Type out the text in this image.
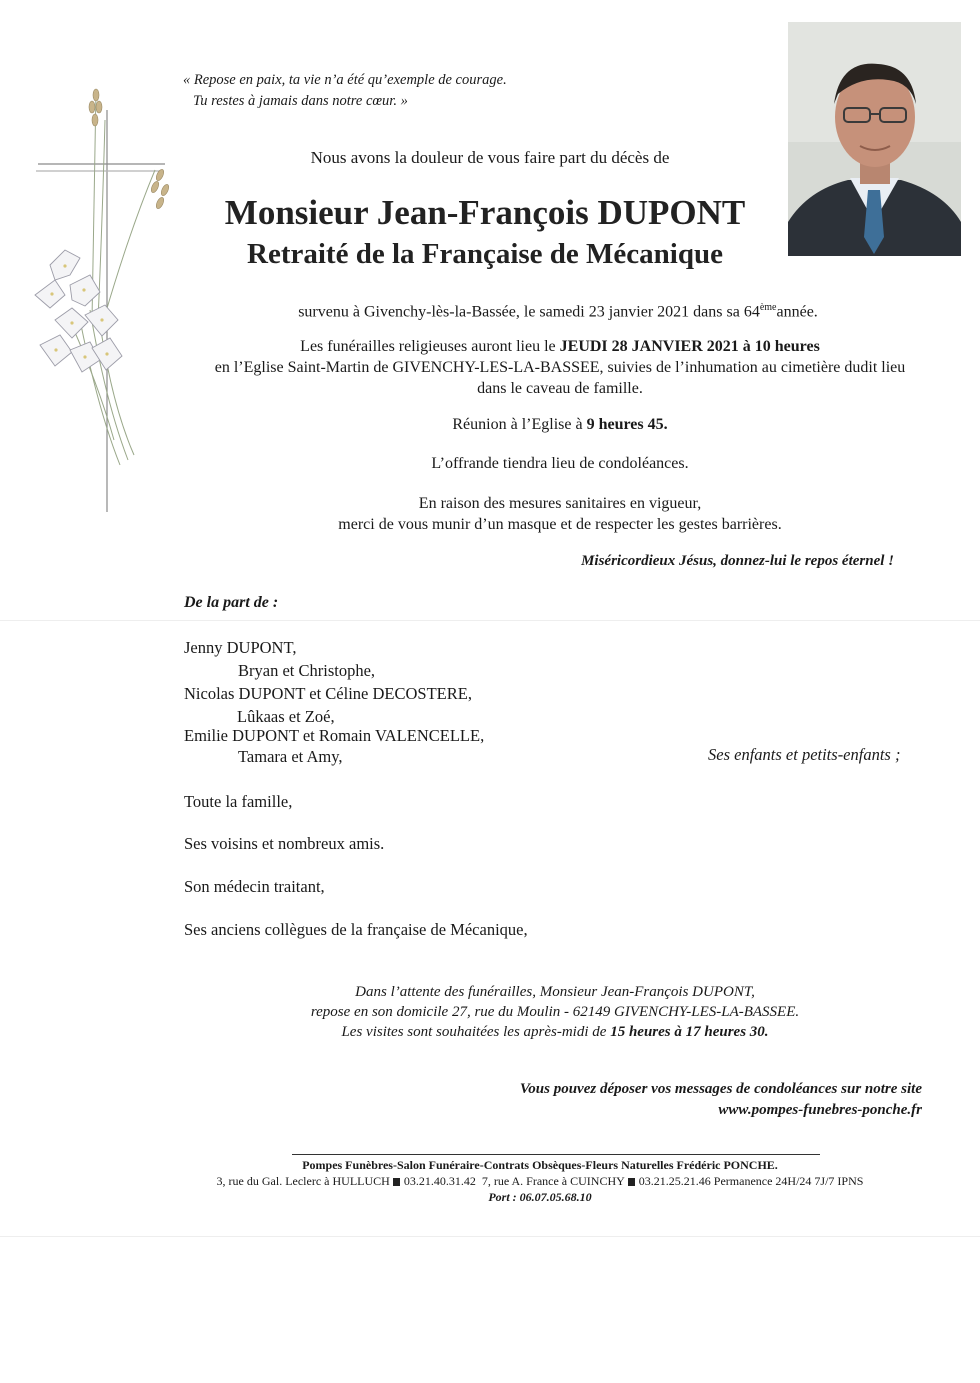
« Repose en paix, ta vie n’a été qu’exemple de courage.
Tu restes à jamais dans notre cœur. »
Nous avons la douleur de vous faire part du décès de
Monsieur Jean-François DUPONT
Retraité de la Française de Mécanique
survenu à Givenchy-lès-la-Bassée, le samedi 23 janvier 2021 dans sa 64èmeannée.
Les funérailles religieuses auront lieu le JEUDI 28 JANVIER 2021 à 10 heures
en l’Eglise Saint-Martin de GIVENCHY-LES-LA-BASSEE, suivies de l’inhumation au cimetière dudit lieu
dans le caveau de famille.
Réunion à l’Eglise à 9 heures 45.
L’offrande tiendra lieu de condoléances.
En raison des mesures sanitaires en vigueur,
merci de vous munir d’un masque et de respecter les gestes barrières.
Miséricordieux Jésus, donnez-lui le repos éternel !
De la part de :
Jenny DUPONT,
Bryan et Christophe,
Nicolas DUPONT et Céline DECOSTERE,
Lûkaas et Zoé,
Emilie DUPONT et Romain VALENCELLE,
Tamara et Amy,	Ses enfants et petits-enfants ;
Toute la famille,
Ses voisins et nombreux amis.
Son médecin traitant,
Ses anciens collègues de la française de Mécanique,
Dans l’attente des funérailles, Monsieur Jean-François DUPONT,
repose en son domicile 27, rue du Moulin - 62149 GIVENCHY-LES-LA-BASSEE.
Les visites sont souhaitées les après-midi de 15 heures à 17 heures 30.
Vous pouvez déposer vos messages de condoléances sur notre site
www.pompes-funebres-ponche.fr
Pompes Funèbres-Salon Funéraire-Contrats Obsèques-Fleurs Naturelles Frédéric PONCHE.
3, rue du Gal. Leclerc à HULLUCH 03.21.40.31.42 7, rue A. France à CUINCHY 03.21.25.21.46 Permanence 24H/24 7J/7 IPNS
Port : 06.07.05.68.10
